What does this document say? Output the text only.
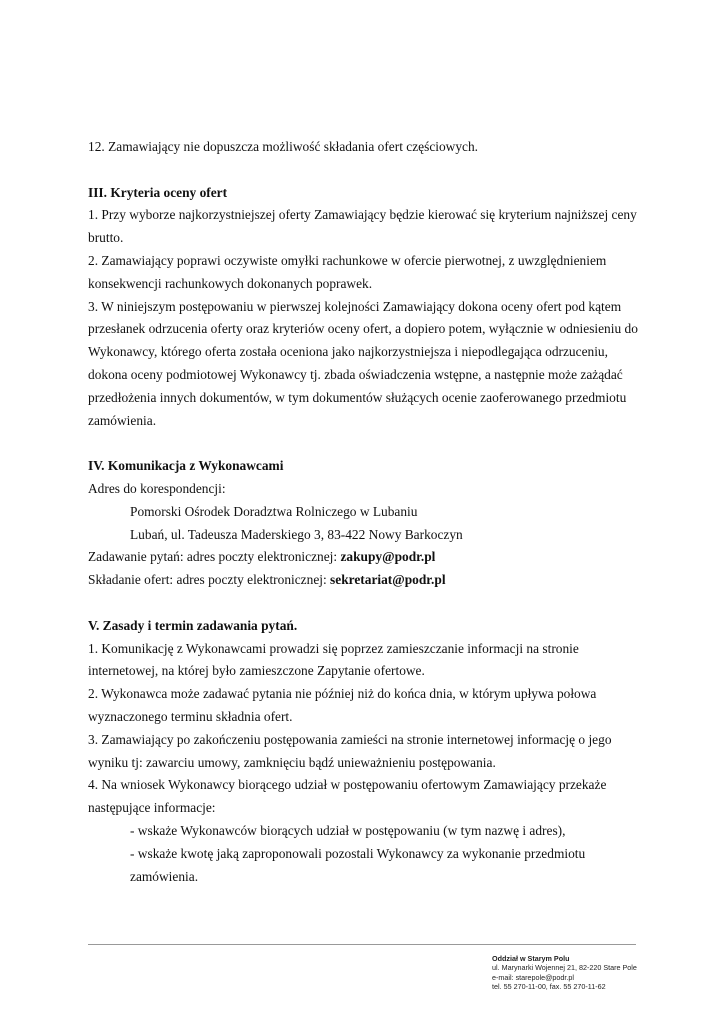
12. Zamawiający nie dopuszcza możliwość składania ofert częściowych.

III. Kryteria oceny ofert

1. Przy wyborze najkorzystniejszej oferty Zamawiający będzie kierować się kryterium najniższej ceny brutto.

2. Zamawiający poprawi oczywiste omyłki rachunkowe w ofercie pierwotnej, z uwzględnieniem konsekwencji rachunkowych dokonanych poprawek.

3. W niniejszym postępowaniu w pierwszej kolejności Zamawiający dokona oceny ofert pod kątem przesłanek odrzucenia oferty oraz kryteriów oceny ofert, a dopiero potem, wyłącznie w odniesieniu do Wykonawcy, którego oferta została oceniona jako najkorzystniejsza i niepodlegająca odrzuceniu, dokona oceny podmiotowej Wykonawcy tj. zbada oświadczenia wstępne, a następnie może zażądać przedłożenia innych dokumentów, w tym dokumentów służących ocenie zaoferowanego przedmiotu zamówienia.

IV. Komunikacja z Wykonawcami

Adres do korespondencji:

Pomorski Ośrodek Doradztwa Rolniczego w Lubaniu

Lubań, ul. Tadeusza Maderskiego 3, 83-422 Nowy Barkoczyn

Zadawanie pytań: adres poczty elektronicznej: zakupy@podr.pl

Składanie ofert: adres poczty elektronicznej: sekretariat@podr.pl

V. Zasady i termin zadawania pytań.

1. Komunikację z Wykonawcami prowadzi się poprzez zamieszczanie informacji na stronie internetowej, na której było zamieszczone Zapytanie ofertowe.

2. Wykonawca może zadawać pytania nie później niż do końca dnia, w którym upływa połowa wyznaczonego terminu składnia ofert.

3. Zamawiający po zakończeniu postępowania zamieści na stronie internetowej informację o jego wyniku tj: zawarciu umowy, zamknięciu bądź unieważnieniu postępowania.

4. Na wniosek Wykonawcy biorącego udział w postępowaniu ofertowym Zamawiający przekaże następujące informacje:

- wskaże Wykonawców biorących udział w postępowaniu (w tym nazwę i adres),

- wskaże kwotę jaką zaproponowali pozostali Wykonawcy za wykonanie przedmiotu zamówienia.

Oddział w Starym Polu
ul. Marynarki Wojennej 21, 82-220 Stare Pole
e-mail: starepole@podr.pl
tel. 55 270-11-00, fax. 55 270-11-62
